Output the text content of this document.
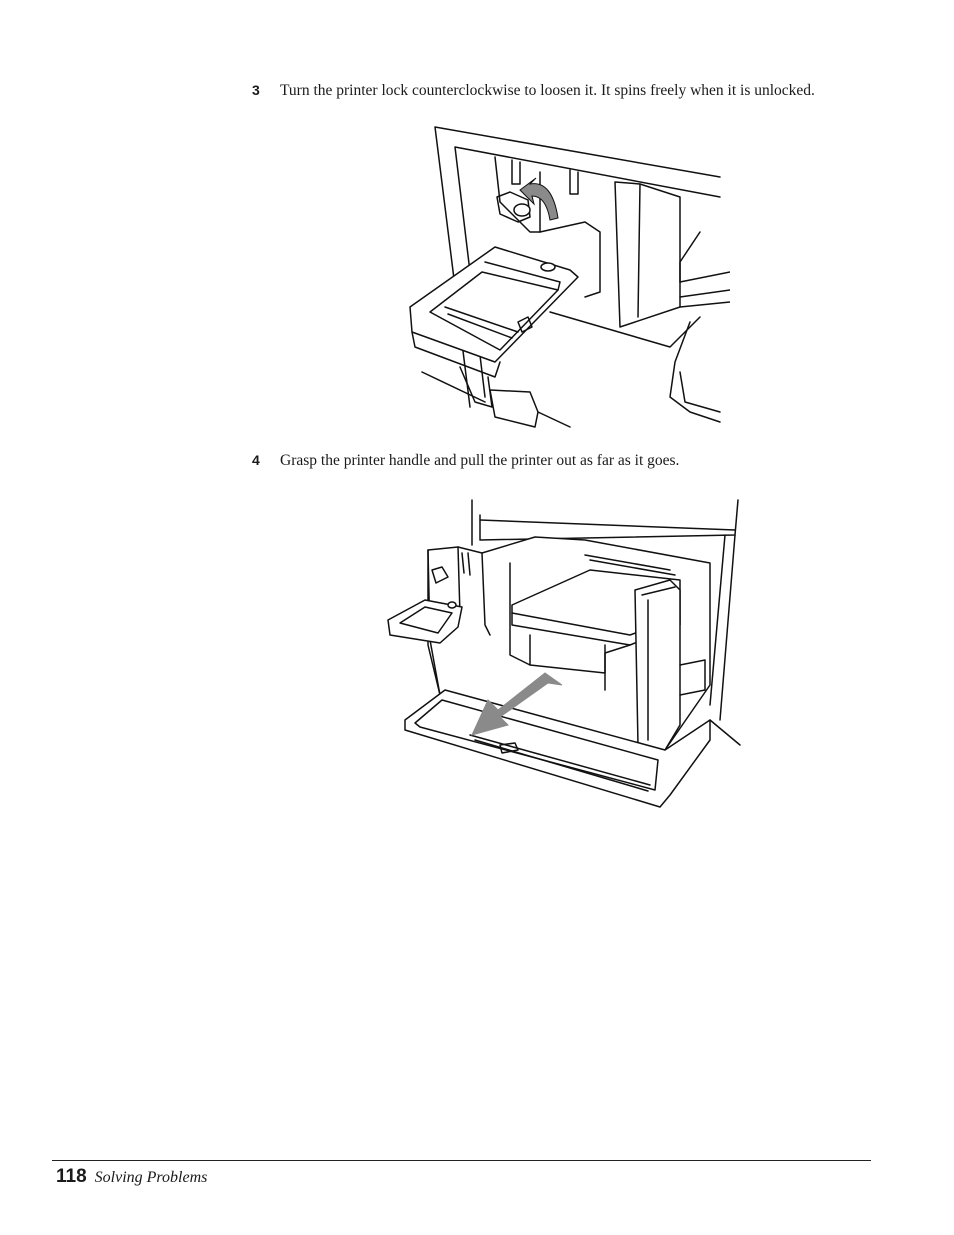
3 Turn the printer lock counterclockwise to loosen it. It spins freely when it is unlocked.
4 Grasp the printer handle and pull the printer out as far as it goes.
118 Solving Problems
